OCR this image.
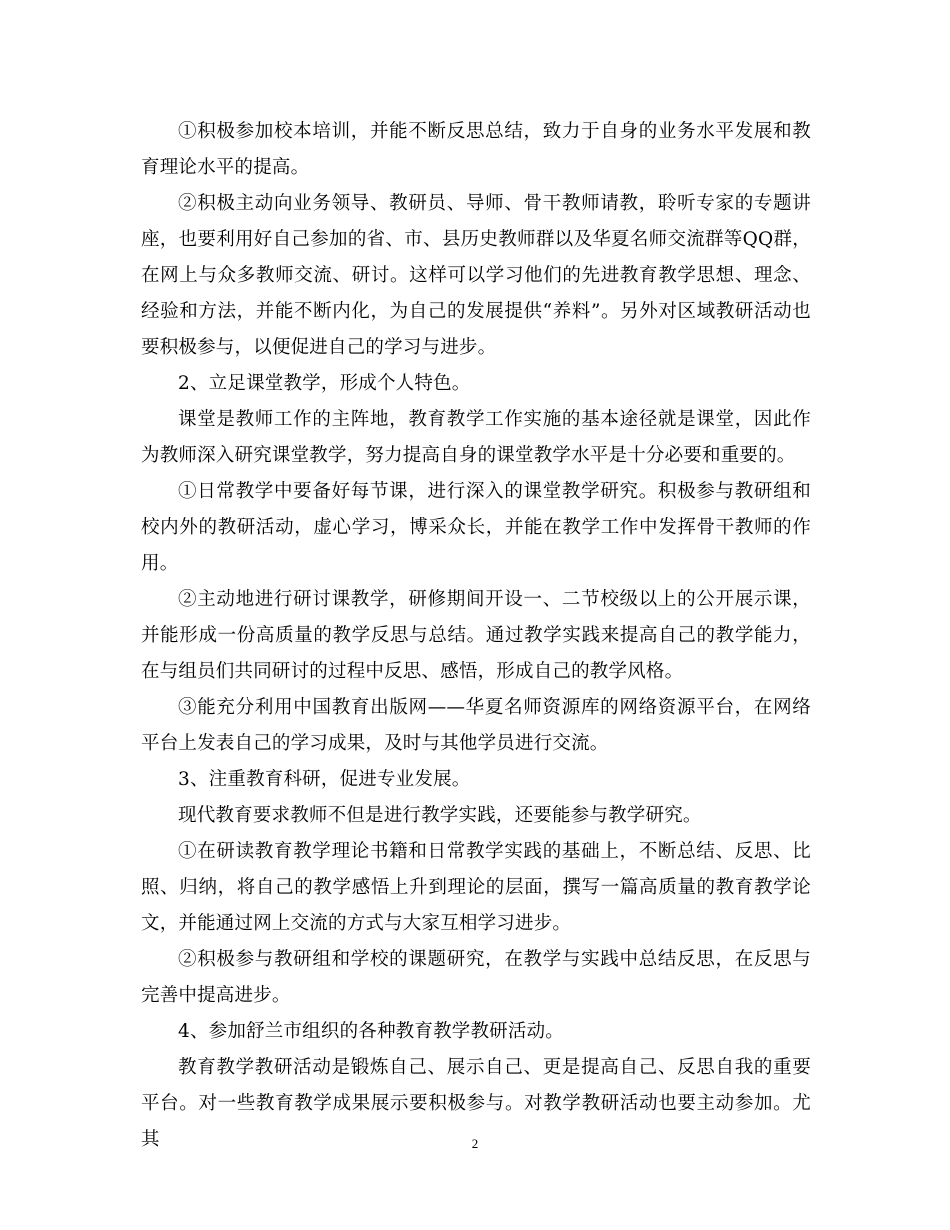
①积极参加校本培训，并能不断反思总结，致力于自身的业务水平发展和教育理论水平的提高。

②积极主动向业务领导、教研员、导师、骨干教师请教，聆听专家的专题讲座，也要利用好自己参加的省、市、县历史教师群以及华夏名师交流群等QQ群，在网上与众多教师交流、研讨。这样可以学习他们的先进教育教学思想、理念、经验和方法，并能不断内化，为自己的发展提供“养料”。另外对区域教研活动也要积极参与，以便促进自己的学习与进步。

2、立足课堂教学，形成个人特色。

课堂是教师工作的主阵地，教育教学工作实施的基本途径就是课堂，因此作为教师深入研究课堂教学，努力提高自身的课堂教学水平是十分必要和重要的。

①日常教学中要备好每节课，进行深入的课堂教学研究。积极参与教研组和校内外的教研活动，虚心学习，博采众长，并能在教学工作中发挥骨干教师的作用。

②主动地进行研讨课教学，研修期间开设一、二节校级以上的公开展示课，并能形成一份高质量的教学反思与总结。通过教学实践来提高自己的教学能力，在与组员们共同研讨的过程中反思、感悟，形成自己的教学风格。

③能充分利用中国教育出版网——华夏名师资源库的网络资源平台，在网络平台上发表自己的学习成果，及时与其他学员进行交流。

3、注重教育科研，促进专业发展。

现代教育要求教师不但是进行教学实践，还要能参与教学研究。

①在研读教育教学理论书籍和日常教学实践的基础上，不断总结、反思、比照、归纳，将自己的教学感悟上升到理论的层面，撰写一篇高质量的教育教学论文，并能通过网上交流的方式与大家互相学习进步。

②积极参与教研组和学校的课题研究，在教学与实践中总结反思，在反思与完善中提高进步。

4、参加舒兰市组织的各种教育教学教研活动。

教育教学教研活动是锻炼自己、展示自己、更是提高自己、反思自我的重要平台。对一些教育教学成果展示要积极参与。对教学教研活动也要主动参加。尤其	2
